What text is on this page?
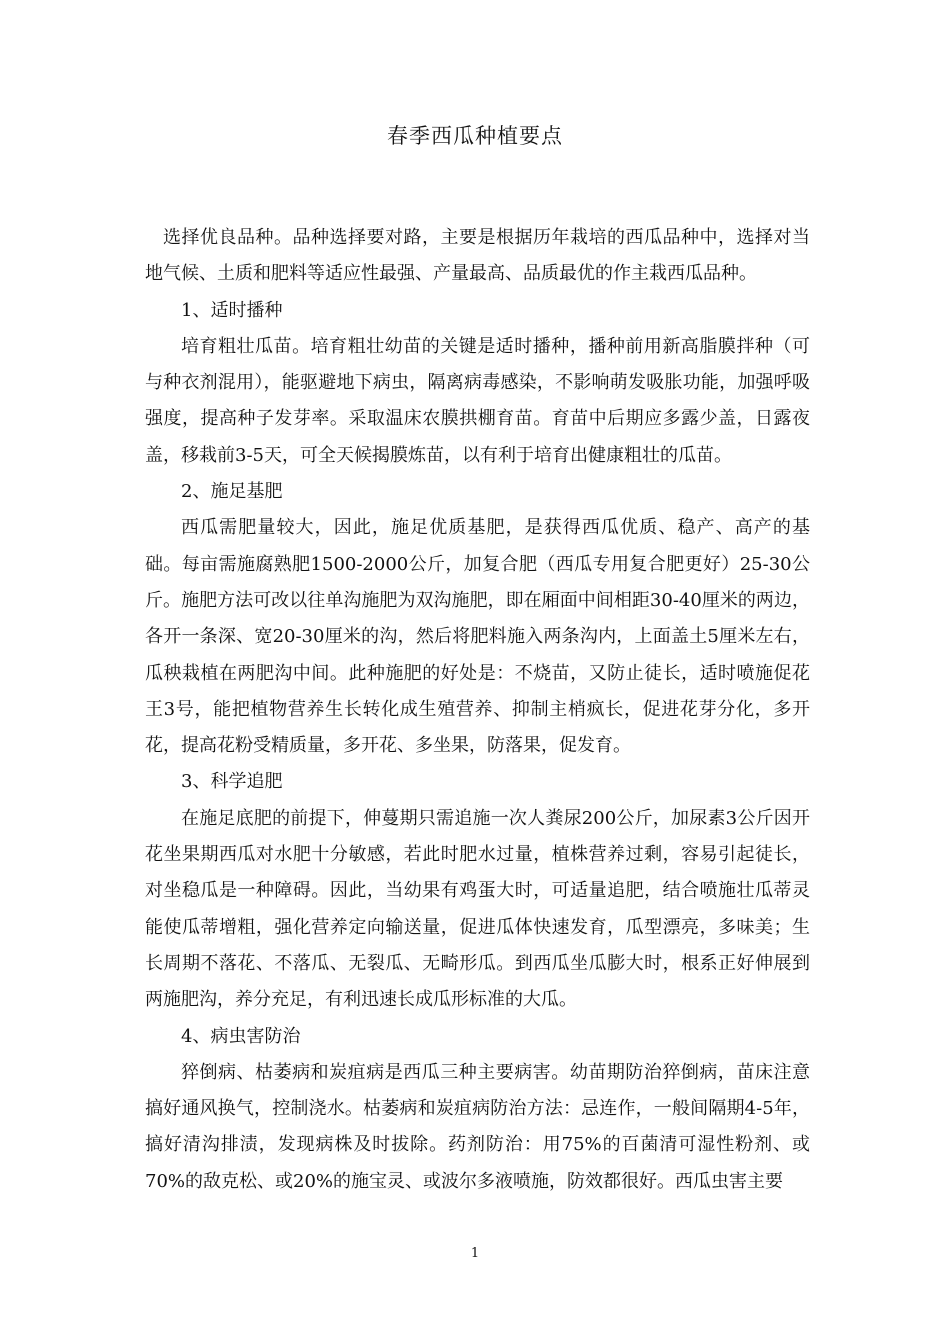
春季西瓜种植要点

选择优良品种。品种选择要对路，主要是根据历年栽培的西瓜品种中，选择对当地气候、土质和肥料等适应性最强、产量最高、品质最优的作主栽西瓜品种。

1、适时播种

培育粗壮瓜苗。培育粗壮幼苗的关键是适时播种，播种前用新高脂膜拌种（可与种衣剂混用），能驱避地下病虫，隔离病毒感染，不影响萌发吸胀功能，加强呼吸强度，提高种子发芽率。采取温床农膜拱棚育苗。育苗中后期应多露少盖，日露夜盖，移栽前3-5天，可全天候揭膜炼苗，以有利于培育出健康粗壮的瓜苗。

2、施足基肥

西瓜需肥量较大，因此，施足优质基肥，是获得西瓜优质、稳产、高产的基础。每亩需施腐熟肥1500-2000公斤，加复合肥（西瓜专用复合肥更好）25-30公斤。施肥方法可改以往单沟施肥为双沟施肥，即在厢面中间相距30-40厘米的两边，各开一条深、宽20-30厘米的沟，然后将肥料施入两条沟内，上面盖土5厘米左右，瓜秧栽植在两肥沟中间。此种施肥的好处是：不烧苗，又防止徒长，适时喷施促花王3号，能把植物营养生长转化成生殖营养、抑制主梢疯长，促进花芽分化，多开花，提高花粉受精质量，多开花、多坐果，防落果，促发育。

3、科学追肥

在施足底肥的前提下，伸蔓期只需追施一次人粪尿200公斤，加尿素3公斤因开花坐果期西瓜对水肥十分敏感，若此时肥水过量，植株营养过剩，容易引起徒长，对坐稳瓜是一种障碍。因此，当幼果有鸡蛋大时，可适量追肥，结合喷施壮瓜蒂灵能使瓜蒂增粗，强化营养定向输送量，促进瓜体快速发育，瓜型漂亮，多味美；生长周期不落花、不落瓜、无裂瓜、无畸形瓜。到西瓜坐瓜膨大时，根系正好伸展到两施肥沟，养分充足，有利迅速长成瓜形标准的大瓜。

4、病虫害防治

猝倒病、枯萎病和炭疽病是西瓜三种主要病害。幼苗期防治猝倒病，苗床注意搞好通风换气，控制浇水。枯萎病和炭疽病防治方法：忌连作，一般间隔期4-5年，搞好清沟排渍，发现病株及时拔除。药剂防治：用75%的百菌清可湿性粉剂、或70%的敌克松、或20%的施宝灵、或波尔多液喷施，防效都很好。西瓜虫害主要

1
